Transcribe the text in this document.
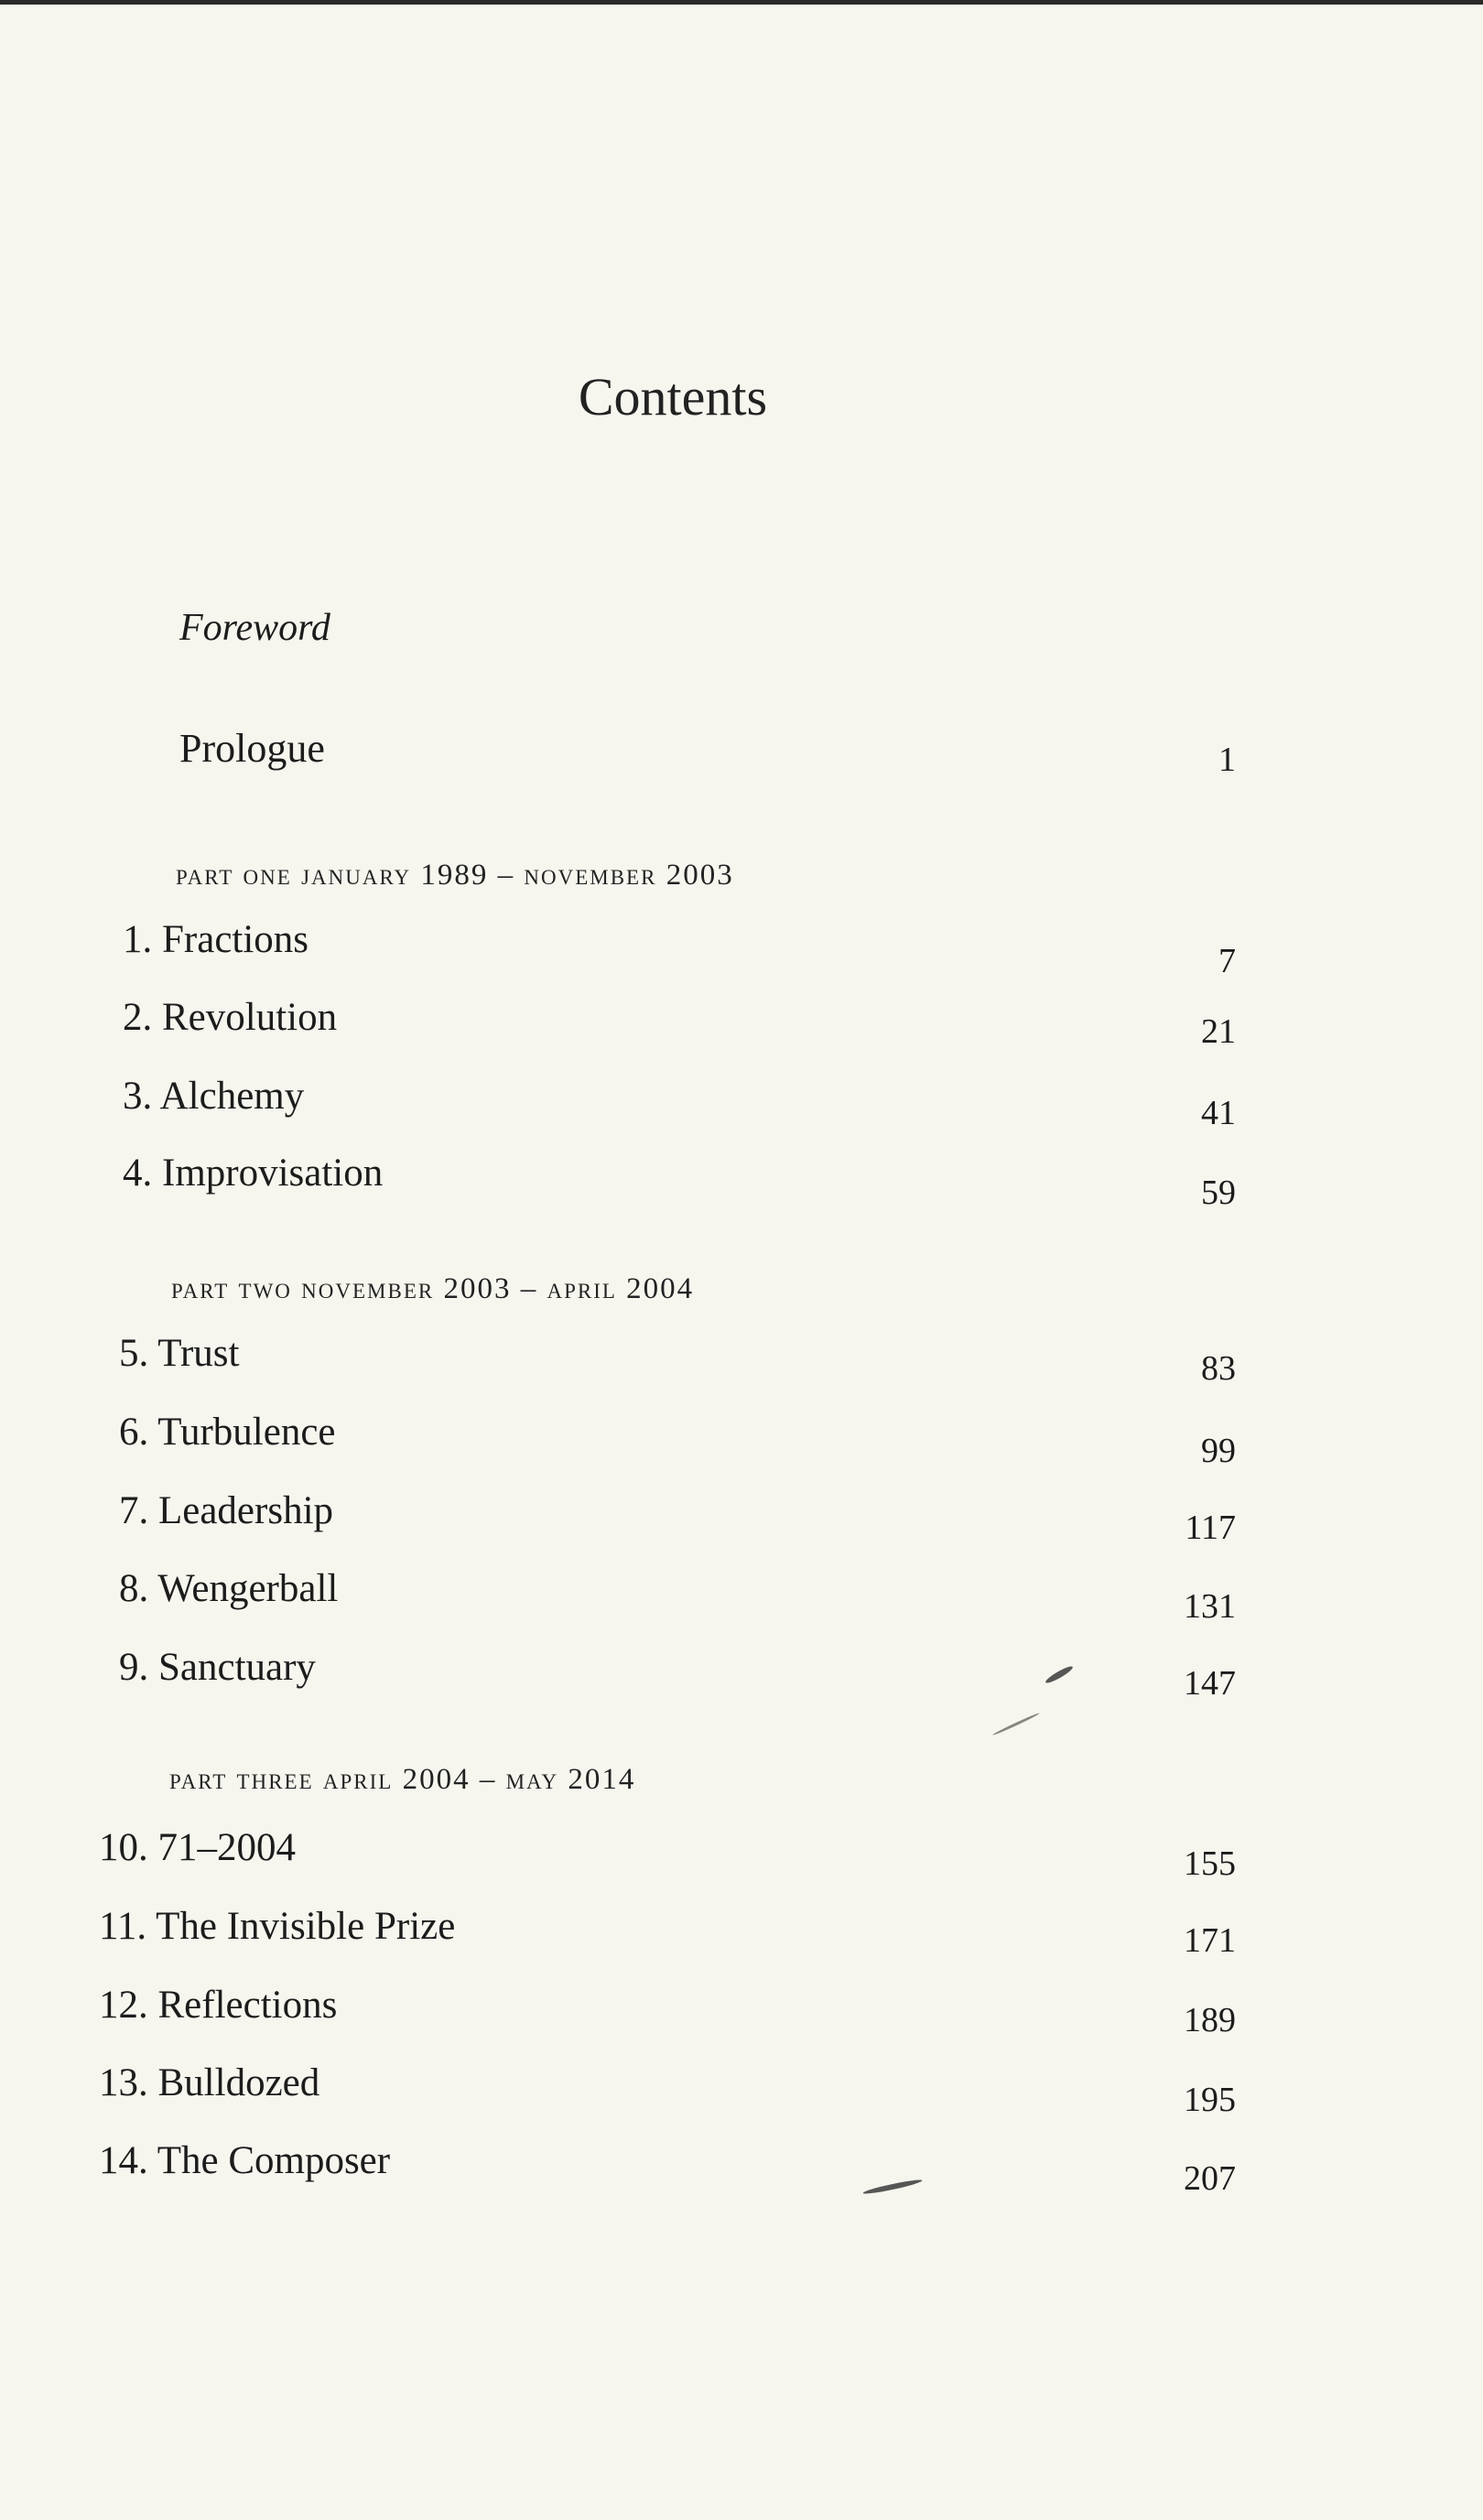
Contents
Foreword
Prologue	1
part one january 1989 – november 2003
1. Fractions	7
2. Revolution	21
3. Alchemy	41
4. Improvisation	59
part two november 2003 – april 2004
5. Trust	83
6. Turbulence	99
7. Leadership	117
8. Wengerball	131
9. Sanctuary	147
part three april 2004 – may 2014
10. 71–2004	155
11. The Invisible Prize	171
12. Reflections	189
13. Bulldozed	195
14. The Composer	207
